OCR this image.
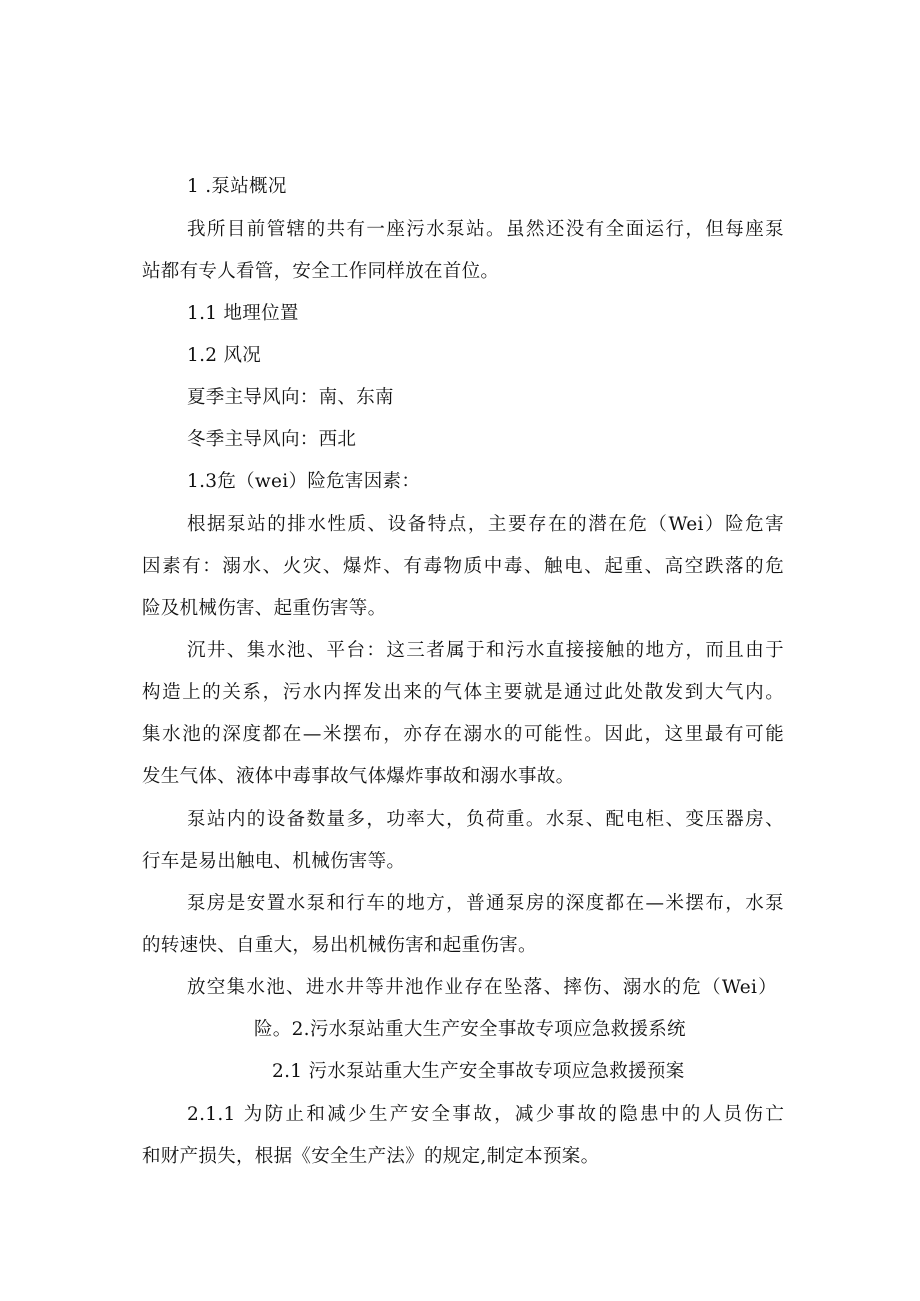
1 .泵站概况
我所目前管辖的共有一座污水泵站。虽然还没有全面运行，但每座泵
站都有专人看管，安全工作同样放在首位。
1.1 地理位置
1.2 风况
夏季主导风向：南、东南
冬季主导风向：西北
1.3危（wei）险危害因素：
根据泵站的排水性质、设备特点，主要存在的潜在危（Wei）险危害
因素有：溺水、火灾、爆炸、有毒物质中毒、触电、起重、高空跌落的危
险及机械伤害、起重伤害等。
沉井、集水池、平台：这三者属于和污水直接接触的地方，而且由于
构造上的关系，污水内挥发出来的气体主要就是通过此处散发到大气内。
集水池的深度都在—米摆布，亦存在溺水的可能性。因此，这里最有可能
发生气体、液体中毒事故气体爆炸事故和溺水事故。
泵站内的设备数量多，功率大，负荷重。水泵、配电柜、变压器房、
行车是易出触电、机械伤害等。
泵房是安置水泵和行车的地方，普通泵房的深度都在—米摆布，水泵
的转速快、自重大，易出机械伤害和起重伤害。
放空集水池、进水井等井池作业存在坠落、摔伤、溺水的危（Wei）
险。2.污水泵站重大生产安全事故专项应急救援系统
2.1 污水泵站重大生产安全事故专项应急救援预案
2.1.1 为防止和减少生产安全事故，减少事故的隐患中的人员伤亡
和财产损失，根据《安全生产法》的规定,制定本预案。
